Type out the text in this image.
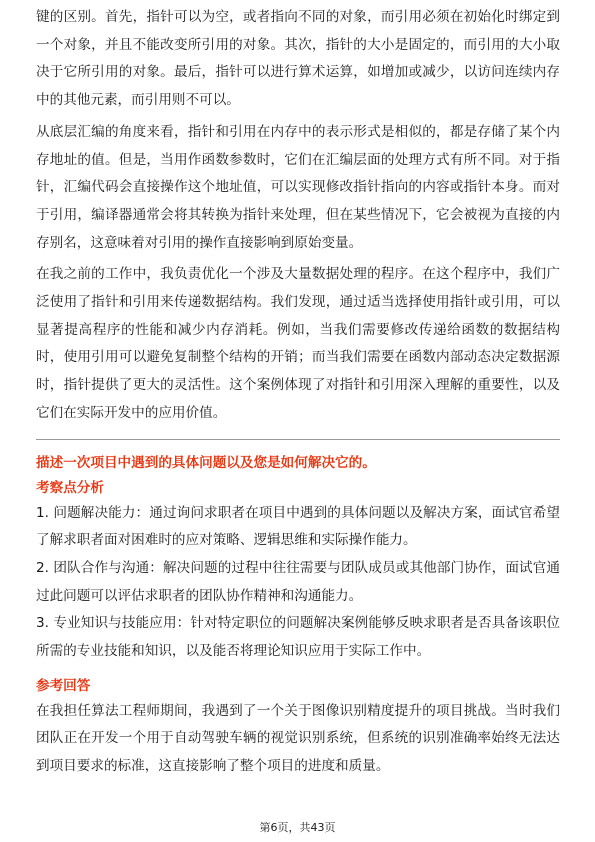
键的区别。首先，指针可以为空，或者指向不同的对象，而引用必须在初始化时绑定到一个对象，并且不能改变所引用的对象。其次，指针的大小是固定的，而引用的大小取决于它所引用的对象。最后，指针可以进行算术运算，如增加或减少，以访问连续内存中的其他元素，而引用则不可以。

从底层汇编的角度来看，指针和引用在内存中的表示形式是相似的，都是存储了某个内存地址的值。但是，当用作函数参数时，它们在汇编层面的处理方式有所不同。对于指针，汇编代码会直接操作这个地址值，可以实现修改指针指向的内容或指针本身。而对于引用，编译器通常会将其转换为指针来处理，但在某些情况下，它会被视为直接的内存别名，这意味着对引用的操作直接影响到原始变量。

在我之前的工作中，我负责优化一个涉及大量数据处理的程序。在这个程序中，我们广泛使用了指针和引用来传递数据结构。我们发现，通过适当选择使用指针或引用，可以显著提高程序的性能和减少内存消耗。例如，当我们需要修改传递给函数的数据结构时，使用引用可以避免复制整个结构的开销；而当我们需要在函数内部动态决定数据源时，指针提供了更大的灵活性。这个案例体现了对指针和引用深入理解的重要性，以及它们在实际开发中的应用价值。

描述一次项目中遇到的具体问题以及您是如何解决它的。
考察点分析

1. 问题解决能力：通过询问求职者在项目中遇到的具体问题以及解决方案，面试官希望了解求职者面对困难时的应对策略、逻辑思维和实际操作能力。

2. 团队合作与沟通：解决问题的过程中往往需要与团队成员或其他部门协作，面试官通过此问题可以评估求职者的团队协作精神和沟通能力。

3. 专业知识与技能应用：针对特定职位的问题解决案例能够反映求职者是否具备该职位所需的专业技能和知识，以及能否将理论知识应用于实际工作中。

参考回答

在我担任算法工程师期间，我遇到了一个关于图像识别精度提升的项目挑战。当时我们团队正在开发一个用于自动驾驶车辆的视觉识别系统，但系统的识别准确率始终无法达到项目要求的标准，这直接影响了整个项目的进度和质量。

第6页，共43页
